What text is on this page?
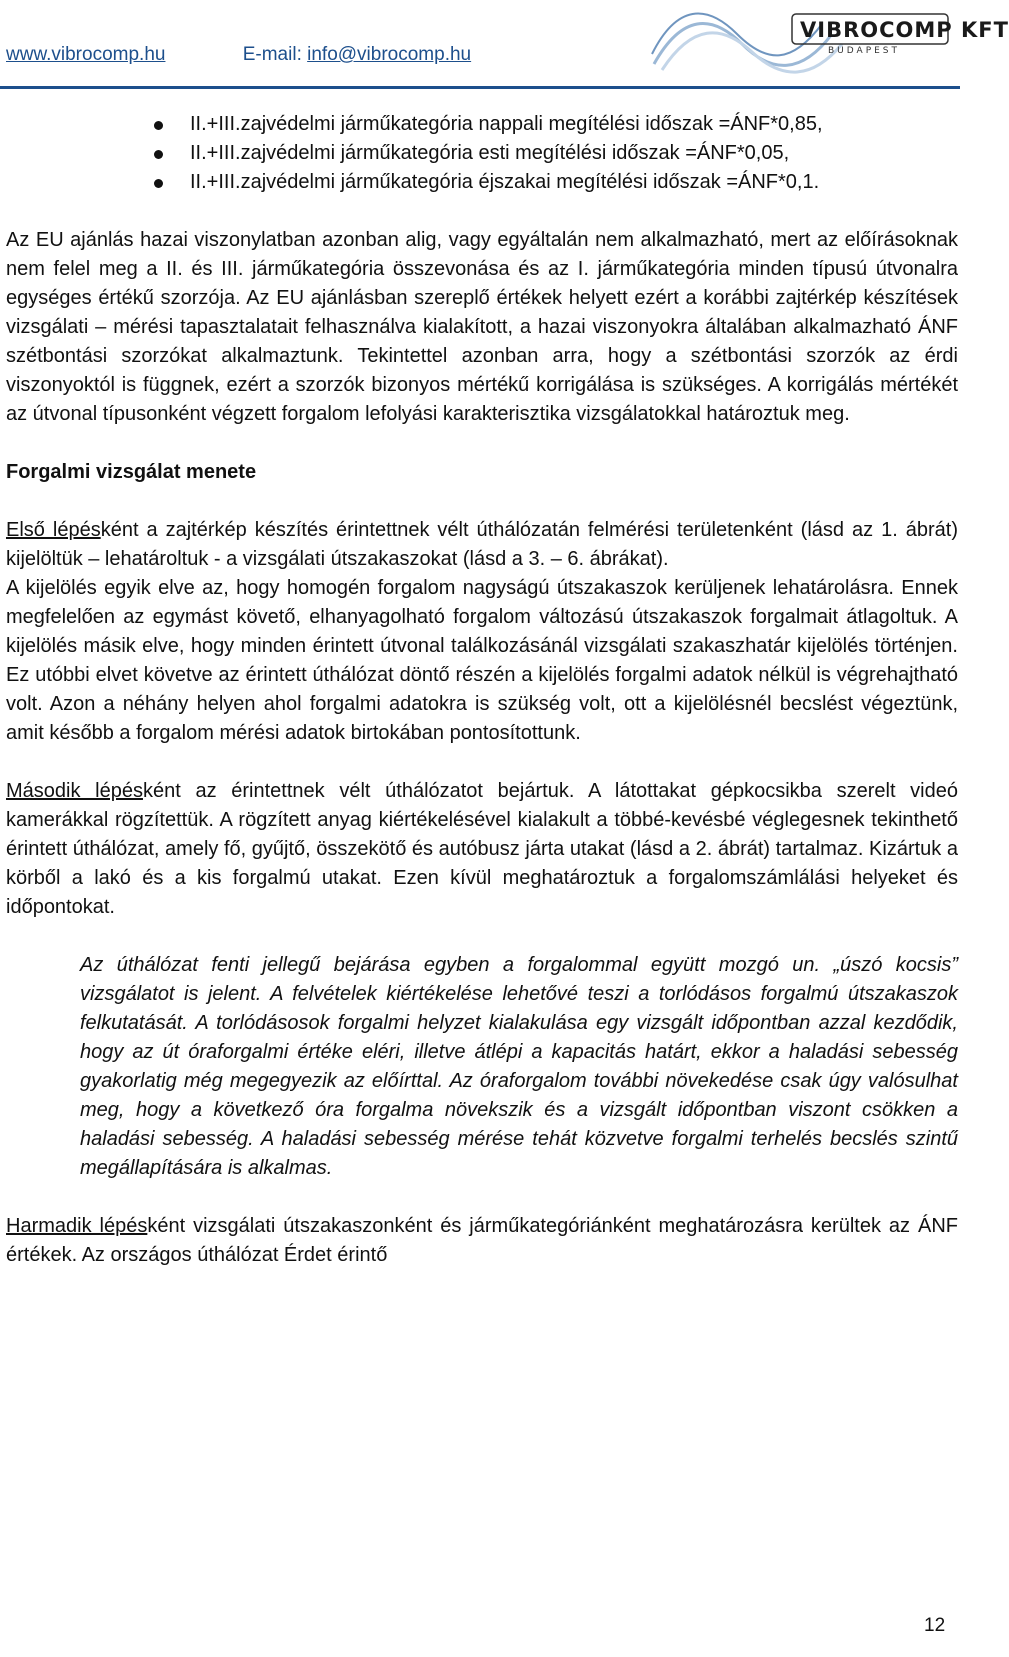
www.vibrocomp.hu	E-mail: info@vibrocomp.hu
VIBROCOMP KFT
BUDAPEST
II.+III.zajvédelmi járműkategória nappali megítélési időszak =ÁNF*0,85,
II.+III.zajvédelmi járműkategória esti megítélési időszak =ÁNF*0,05,
II.+III.zajvédelmi járműkategória éjszakai megítélési időszak =ÁNF*0,1.

Az EU ajánlás hazai viszonylatban azonban alig, vagy egyáltalán nem alkalmazható, mert az előírásoknak nem felel meg a II. és III. járműkategória összevonása és az I. járműkategória minden típusú útvonalra egységes értékű szorzója. Az EU ajánlásban szereplő értékek helyett ezért a korábbi zajtérkép készítések vizsgálati – mérési tapasztalatait felhasználva kialakított, a hazai viszonyokra általában alkalmazható ÁNF szétbontási szorzókat alkalmaztunk. Tekintettel azonban arra, hogy a szétbontási szorzók az érdi viszonyoktól is függnek, ezért a szorzók bizonyos mértékű korrigálása is szükséges. A korrigálás mértékét az útvonal típusonként végzett forgalom lefolyási karakterisztika vizsgálatokkal határoztuk meg.

Forgalmi vizsgálat menete

Első lépésként a zajtérkép készítés érintettnek vélt úthálózatán felmérési területenként (lásd az 1. ábrát) kijelöltük – lehatároltuk - a vizsgálati útszakaszokat (lásd a 3. – 6. ábrákat).

A kijelölés egyik elve az, hogy homogén forgalom nagyságú útszakaszok kerüljenek lehatárolásra. Ennek megfelelően az egymást követő, elhanyagolható forgalom változású útszakaszok forgalmait átlagoltuk. A kijelölés másik elve, hogy minden érintett útvonal találkozásánál vizsgálati szakaszhatár kijelölés történjen. Ez utóbbi elvet követve az érintett úthálózat döntő részén a kijelölés forgalmi adatok nélkül is végrehajtható volt. Azon a néhány helyen ahol forgalmi adatokra is szükség volt, ott a kijelölésnél becslést végeztünk, amit később a forgalom mérési adatok birtokában pontosítottunk.

Második lépésként az érintettnek vélt úthálózatot bejártuk. A látottakat gépkocsikba szerelt videó kamerákkal rögzítettük. A rögzített anyag kiértékelésével kialakult a többé-kevésbé véglegesnek tekinthető érintett úthálózat, amely fő, gyűjtő, összekötő és autóbusz járta utakat (lásd a 2. ábrát) tartalmaz. Kizártuk a körből a lakó és a kis forgalmú utakat. Ezen kívül meghatároztuk a forgalomszámlálási helyeket és időpontokat.

Az úthálózat fenti jellegű bejárása egyben a forgalommal együtt mozgó un. „úszó kocsis” vizsgálatot is jelent. A felvételek kiértékelése lehetővé teszi a torlódásos forgalmú útszakaszok felkutatását. A torlódásosok forgalmi helyzet kialakulása egy vizsgált időpontban azzal kezdődik, hogy az út óraforgalmi értéke eléri, illetve átlépi a kapacitás határt, ekkor a haladási sebesség gyakorlatig még megegyezik az előírttal. Az óraforgalom további növekedése csak úgy valósulhat meg, hogy a következő óra forgalma növekszik és a vizsgált időpontban viszont csökken a haladási sebesség. A haladási sebesség mérése tehát közvetve forgalmi terhelés becslés szintű megállapítására is alkalmas.

Harmadik lépésként vizsgálati útszakaszonként és járműkategóriánként meghatározásra kerültek az ÁNF értékek. Az országos úthálózat Érdet érintő

12
